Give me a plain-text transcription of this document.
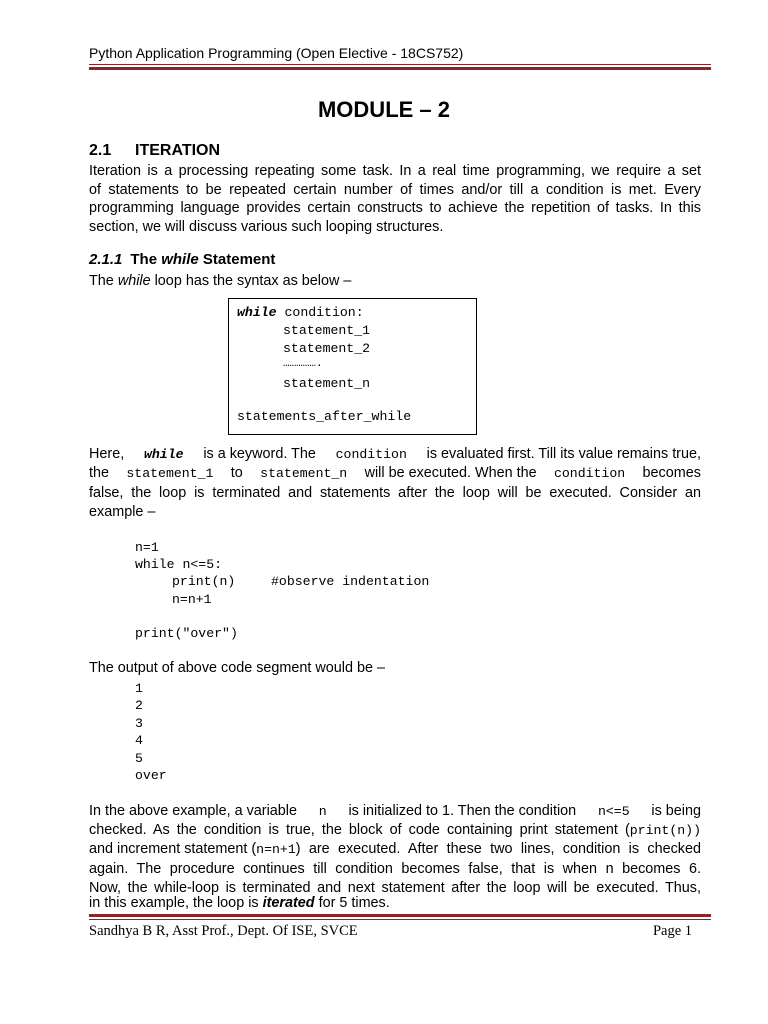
Python Application Programming (Open Elective - 18CS752)
MODULE – 2
2.1 ITERATION
Iteration is a processing repeating some task. In a real time programming, we require a set
of statements to be repeated certain number of times and/or till a condition is met. Every
programming language provides certain constructs to achieve the repetition of tasks. In this
section, we will discuss various such looping structures.
2.1.1 The while Statement
The while loop has the syntax as below –
while condition:
statement_1
statement_2
…………….
statement_n
statements_after_while
Here, while is a keyword. The condition is evaluated first. Till its value remains true,
the statement_1 to statement_n will be executed. When the condition becomes
false, the loop is terminated and statements after the loop will be executed. Consider an
example –
n=1
while n<=5:
print(n)	#observe indentation
n=n+1
print("over")
The output of above code segment would be –
1
2
3
4
5
over
In the above example, a variable n is initialized to 1. Then the condition n<=5 is being
checked. As the condition is true, the block of code containing print statement ( print(n) )
and increment statement ( n=n+1 ) are executed. After these two lines, condition is checked
again. The procedure continues till condition becomes false, that is when n becomes 6.
Now, the while-loop is terminated and next statement after the loop will be executed. Thus,
in this example, the loop is iterated for 5 times.
Sandhya B R, Asst Prof., Dept. Of ISE, SVCE	Page 1
